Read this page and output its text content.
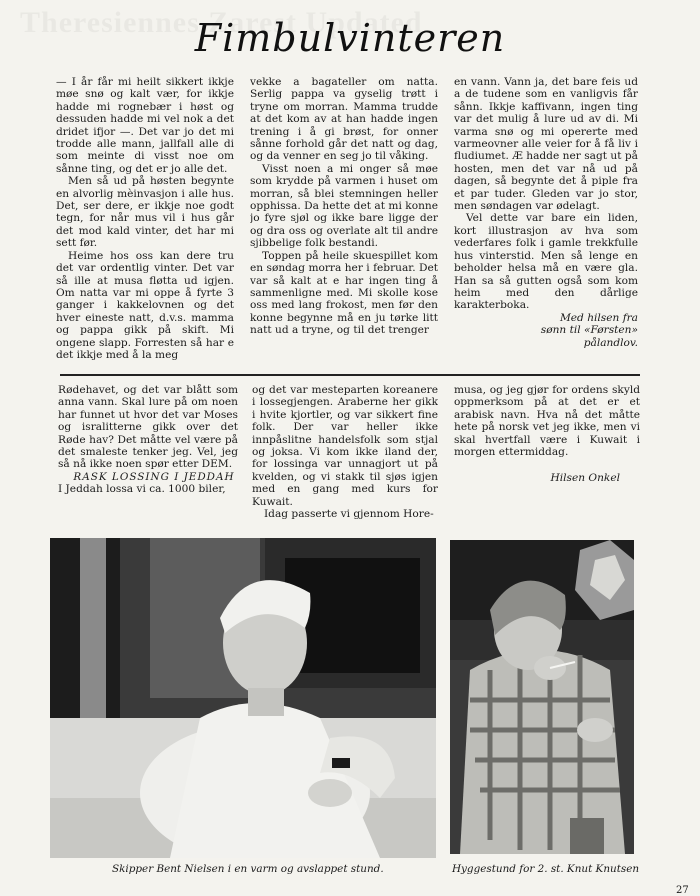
Fimbulvinteren

— I år får mi heilt sikkert ikkje møe snø og kalt vær, for ikkje hadde mi rognebær i høst og dessuden hadde mi vel nok a det dridet ifjor —. Det var jo det mi trodde alle mann, jallfall alle di som meinte di visst noe om sånne ting, og det er jo alle det.

Men så ud på høsten begynte en alvorlig mèinvasjon i alle hus. Det, ser dere, er ikkje noe godt tegn, for når mus vil i hus går det mod kald vinter, det har mi sett før.

Heime hos oss kan dere tru det var ordentlig vinter. Det var så ille at musa fløtta ud igjen. Om natta var mi oppe å fyrte 3 ganger i kakkelovnen og det hver eineste natt, d.v.s. mamma og pappa gikk på skift. Mi ongene slapp. Forresten så har e det ikkje med å la meg

vekke a bagateller om natta. Serlig pappa va gyselig trøtt i tryne om morran. Mamma trudde at det kom av at han hadde ingen trening i å gi brøst, for onner sånne forhold går det natt og dag, og da venner en seg jo til våking.

Visst noen a mi onger så møe som krydde på varmen i huset om morran, så blei stemningen heller opphissa. Da hette det at mi konne jo fyre sjøl og ikke bare ligge der og dra oss og overlate alt til andre sjibbelige folk bestandi.

Toppen på heile skuespillet kom en søndag morra her i februar. Det var så kalt at e har ingen ting å sammenligne med. Mi skolle kose oss med lang frokost, men før den konne begynne må en ju tørke litt natt ud a tryne, og til det trenger

en vann. Vann ja, det bare feis ud a de tudene som en vanligvis får sånn. Ikkje kaffivann, ingen ting var det mulig å lure ud av di. Mi varma snø og mi opererte med varmeovner alle veier for å få liv i fludiumet. Æ hadde ner sagt ut på hosten, men det var nå ud på dagen, så begynte det å piple fra et par tuder. Gleden var jo stor, men søndagen var ødelagt.

Vel dette var bare ein liden, kort illustrasjon av hva som vederfares folk i gamle trekkfulle hus vinterstid. Men så lenge en beholder helsa må en være gla. Han sa så gutten også som kom heim med den dårlige karakterboka.

Med hilsen fra

sønn til «Førsten»

pålandlov.

Rødehavet, og det var blått som anna vann. Skal lure på om noen har funnet ut hvor det var Moses og isralitterne gikk over det Røde hav? Det måtte vel være på det smaleste tenker jeg. Vel, jeg så nå ikke noen spør etter DEM.

RASK LOSSING I JEDDAH

I Jeddah lossa vi ca. 1000 biler,

og det var mesteparten koreanere i lossegjengen. Araberne her gikk i hvite kjortler, og var sikkert fine folk. Der var heller ikke innpåslitne handelsfolk som stjal og joksa. Vi kom ikke iland der, for lossinga var unnagjort ut på kvelden, og vi stakk til sjøs igjen med en gang med kurs for Kuwait.

Idag passerte vi gjennom Hore-

musa, og jeg gjør for ordens skyld oppmerksom på at det er et arabisk navn. Hva nå det måtte hete på norsk vet jeg ikke, men vi skal hvertfall være i Kuwait i morgen ettermiddag.

Hilsen Onkel

Skipper Bent Nielsen i en varm og avslappet stund.	Hyggestund for 2. st. Knut Knutsen
27
